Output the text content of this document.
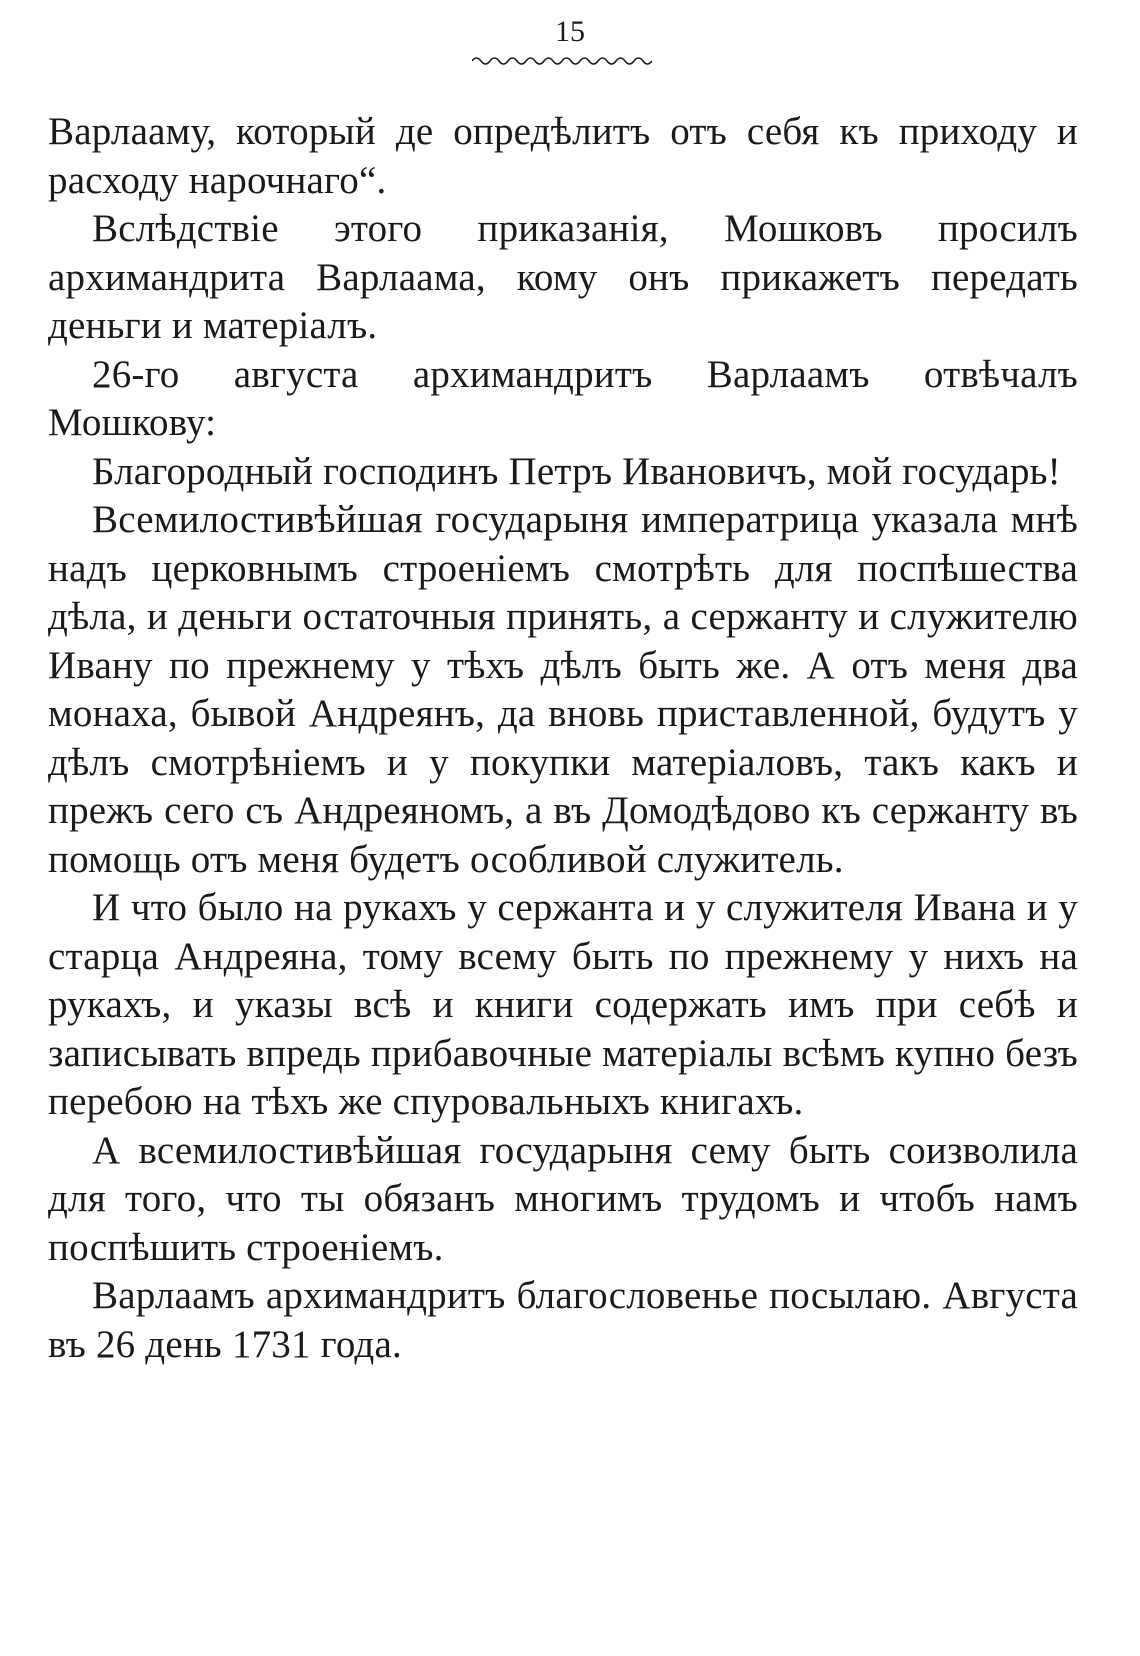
15

Варлааму, который де опредѣлитъ отъ себя къ приходу и расходу нарочнаго“.

Вслѣдствіе этого приказанія, Мошковъ просилъ архимандрита Варлаама, кому онъ прикажетъ передать деньги и матеріалъ.

26-го августа архимандритъ Варлаамъ отвѣчалъ Мошкову:

Благородный господинъ Петръ Ивановичъ, мой государь!

Всемилостивѣйшая государыня императрица указала мнѣ надъ церковнымъ строеніемъ смотрѣть для поспѣшества дѣла, и деньги остаточныя принять, а сержанту и служителю Ивану по прежнему у тѣхъ дѣлъ быть же. А отъ меня два монаха, бывой Андреянъ, да вновь приставленной, будутъ у дѣлъ смотрѣніемъ и у покупки матеріаловъ, такъ какъ и прежъ сего съ Андреяномъ, а въ Домодѣдово къ сержанту въ помощь отъ меня будетъ особливой служитель.

И что было на рукахъ у сержанта и у служителя Ивана и у старца Андреяна, тому всему быть по прежнему у нихъ на рукахъ, и указы всѣ и книги содержать имъ при себѣ и записывать впредь прибавочные матеріалы всѣмъ купно безъ перебою на тѣхъ же спуровальныхъ книгахъ.

А всемилостивѣйшая государыня сему быть соизволила для того, что ты обязанъ многимъ трудомъ и чтобъ намъ поспѣшить строеніемъ.

Варлаамъ архимандритъ благословенье посылаю. Августа въ 26 день 1731 года.
